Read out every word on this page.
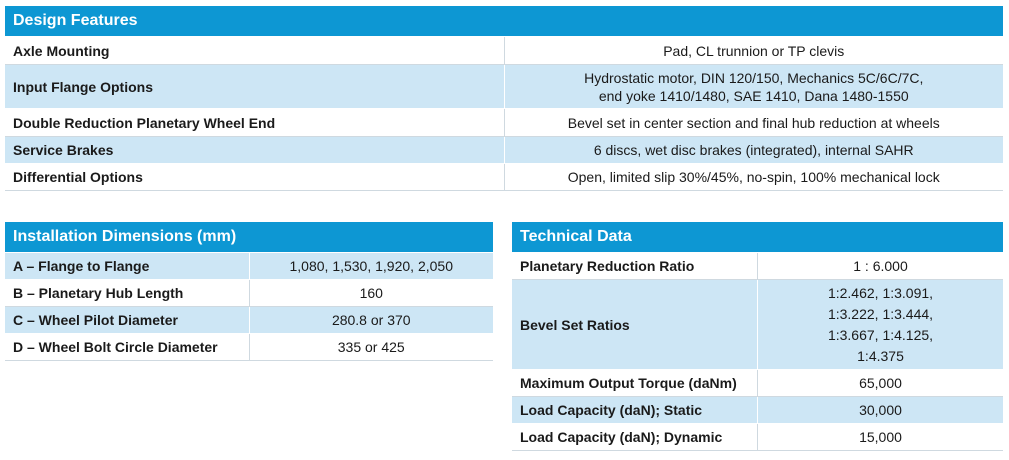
Design Features	
Axle Mounting	Pad, CL trunnion or TP clevis
Input Flange Options	Hydrostatic motor, DIN 120/150, Mechanics 5C/6C/7C,
end yoke 1410/1480, SAE 1410, Dana 1480-1550
Double Reduction Planetary Wheel End	Bevel set in center section and final hub reduction at wheels
Service Brakes	6 discs, wet disc brakes (integrated), internal SAHR
Differential Options	Open, limited slip 30%/45%, no-spin, 100% mechanical lock
Installation Dimensions (mm)	
A – Flange to Flange	1,080, 1,530, 1,920, 2,050
B – Planetary Hub Length	160
C – Wheel Pilot Diameter	280.8 or 370
D – Wheel Bolt Circle Diameter	335 or 425
Technical Data	
Planetary Reduction Ratio	1 : 6.000
Bevel Set Ratios	1:2.462, 1:3.091,
1:3.222, 1:3.444,
1:3.667, 1:4.125,
1:4.375
Maximum Output Torque (daNm)	65,000
Load Capacity (daN); Static	30,000
Load Capacity (daN); Dynamic	15,000
